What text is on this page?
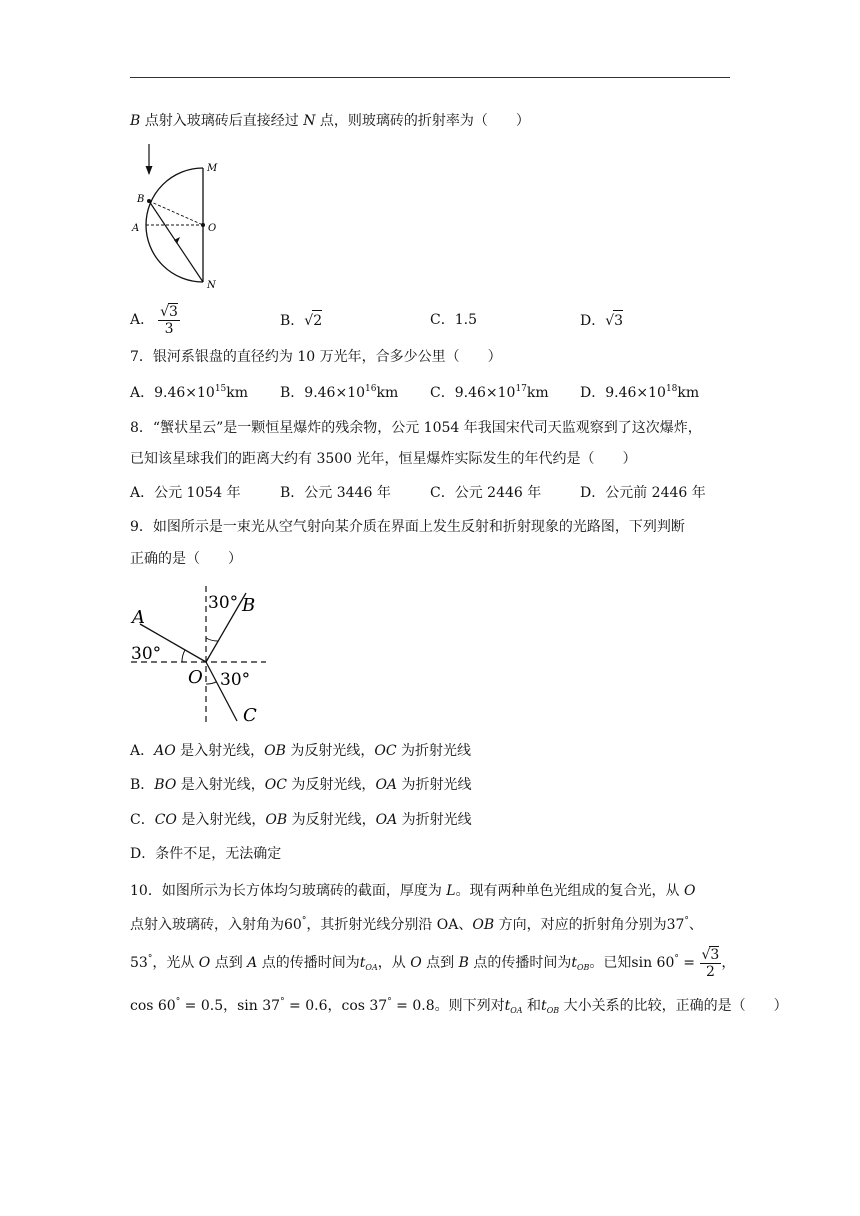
B 点射入玻璃砖后直接经过 N 点，则玻璃砖的折射率为（　　）
M
B
A	O
N
A． $\frac{√3}{3}$	B．√2	C．1.5	D．√3
7．银河系银盘的直径约为 10 万光年，合多少公里（　　）
A．$9.46\times 10^{15}km$ B．$9.46\times 10^{16}km$ C．$9.46\times 10^{17}km$ D．$9.46\times 10^{18}km$
8．“蟹状星云”是一颗恒星爆炸的残余物，公元 1054 年我国宋代司天监观察到了这次爆炸，
已知该星球我们的距离大约有 3500 光年，恒星爆炸实际发生的年代约是（　　）
A．公元 1054 年	B．公元 3446 年	C．公元 2446 年	D．公元前 2446 年
9．如图所示是一束光从空气射向某介质在界面上发生反射和折射现象的光路图，下列判断
正确的是（　　）
A
B
C
O
30°
30°
30°
A．AO 是入射光线，OB 为反射光线，OC 为折射光线
B．BO 是入射光线，OC 为反射光线，OA 为折射光线
C．CO 是入射光线，OB 为反射光线，OA 为折射光线
D．条件不足，无法确定
10．如图所示为长方体均匀玻璃砖的截面，厚度为 L。现有两种单色光组成的复合光，从 O
点射入玻璃砖，入射角为60°，其折射光线分别沿 OA、OB 方向，对应的折射角分别为37°、
53°，光从 O 点到 A 点的传播时间为$t_{OA}$，从 O 点到 B 点的传播时间为$t_{OB}$。已知$\sin 60^\circ = \frac{√3}{2}$ ，
cos 60° = 0.5，sin 37° = 0.6，cos 37° = 0.8。则下列对$t_{OA}$ 和$t_{OB}$ 大小关系的比较，正确的是（　　）
